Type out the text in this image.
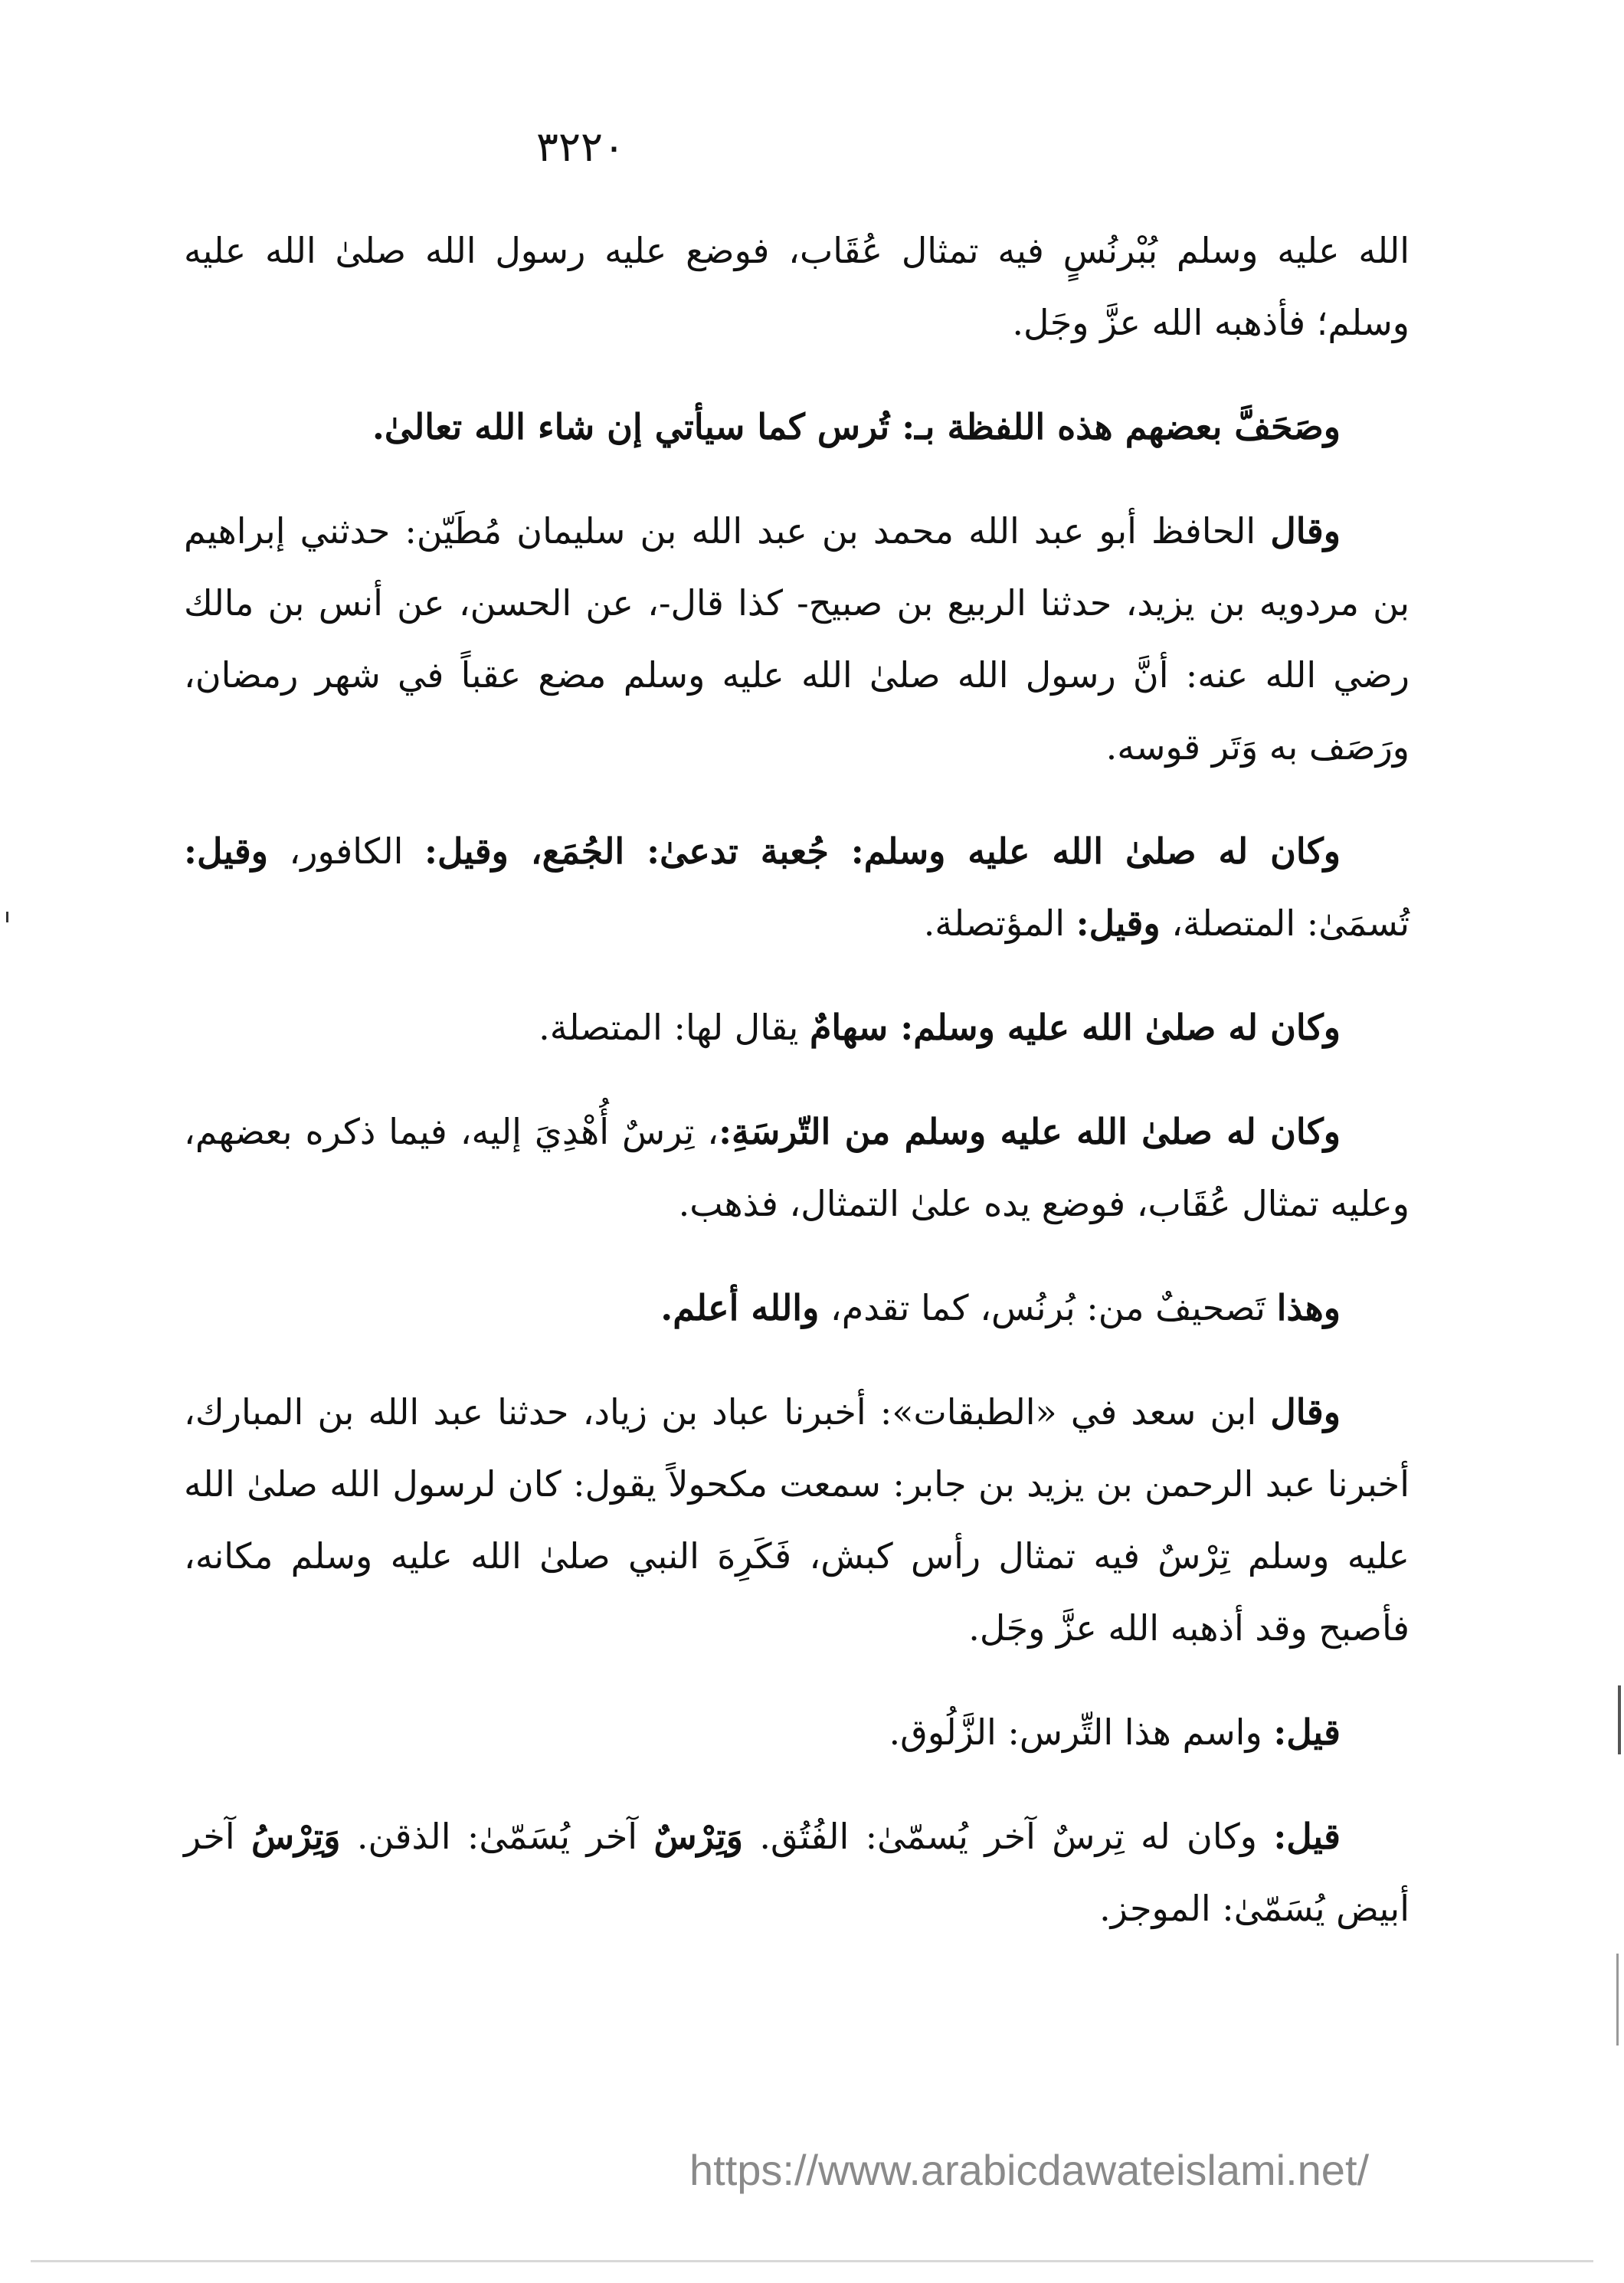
٣٢٢٠

الله عليه وسلم بُبْرنُسٍ فيه تمثال عُقَاب، فوضع عليه رسول الله صلىٰ الله عليه وسلم؛ فأذهبه الله عزَّ وجَل.

وصَحَفَّ بعضهم هذه اللفظة بـ: تُرس كما سيأتي إن شاء الله تعالىٰ.

وقال الحافظ أبو عبد الله محمد بن عبد الله بن سليمان مُطَيّن: حدثني إبراهيم بن مردويه بن يزيد، حدثنا الربيع بن صبيح- كذا قال-، عن الحسن، عن أنس بن مالك رضي الله عنه: أنَّ رسول الله صلىٰ الله عليه وسلم مضع عقباً في شهر رمضان، ورَصَف به وَتَر قوسه.

وكان له صلىٰ الله عليه وسلم: جُعبة تدعىٰ: الجُمَع، وقيل: الكافور، وقيل: تُسمَىٰ: المتصلة، وقيل: المؤتصلة.

وكان له صلىٰ الله عليه وسلم: سهامٌ يقال لها: المتصلة.

وكان له صلىٰ الله عليه وسلم من التّرسَةِ:، تِرسٌ أُهْدِيَ إليه، فيما ذكره بعضهم، وعليه تمثال عُقَاب، فوضع يده علىٰ التمثال، فذهب.

وهذا تَصحيفٌ من: بُرنُس، كما تقدم، والله أعلم.

وقال ابن سعد في «الطبقات»: أخبرنا عباد بن زياد، حدثنا عبد الله بن المبارك، أخبرنا عبد الرحمن بن يزيد بن جابر: سمعت مكحولاً يقول: كان لرسول الله صلىٰ الله عليه وسلم تِرْسٌ فيه تمثال رأس كبش، فَكَرِهَ النبي صلىٰ الله عليه وسلم مكانه، فأصبح وقد أذهبه الله عزَّ وجَل.

قيل: واسم هذا التِّرس: الزَّلُوق.

قيل: وكان له تِرسٌ آخر يُسمّىٰ: الفُتُق. وَتِرْسٌ آخر يُسَمّىٰ: الذقن. وَتِرْسُ آخر أبيض يُسَمّىٰ: الموجز.

https://www.arabicdawateislami.net/
